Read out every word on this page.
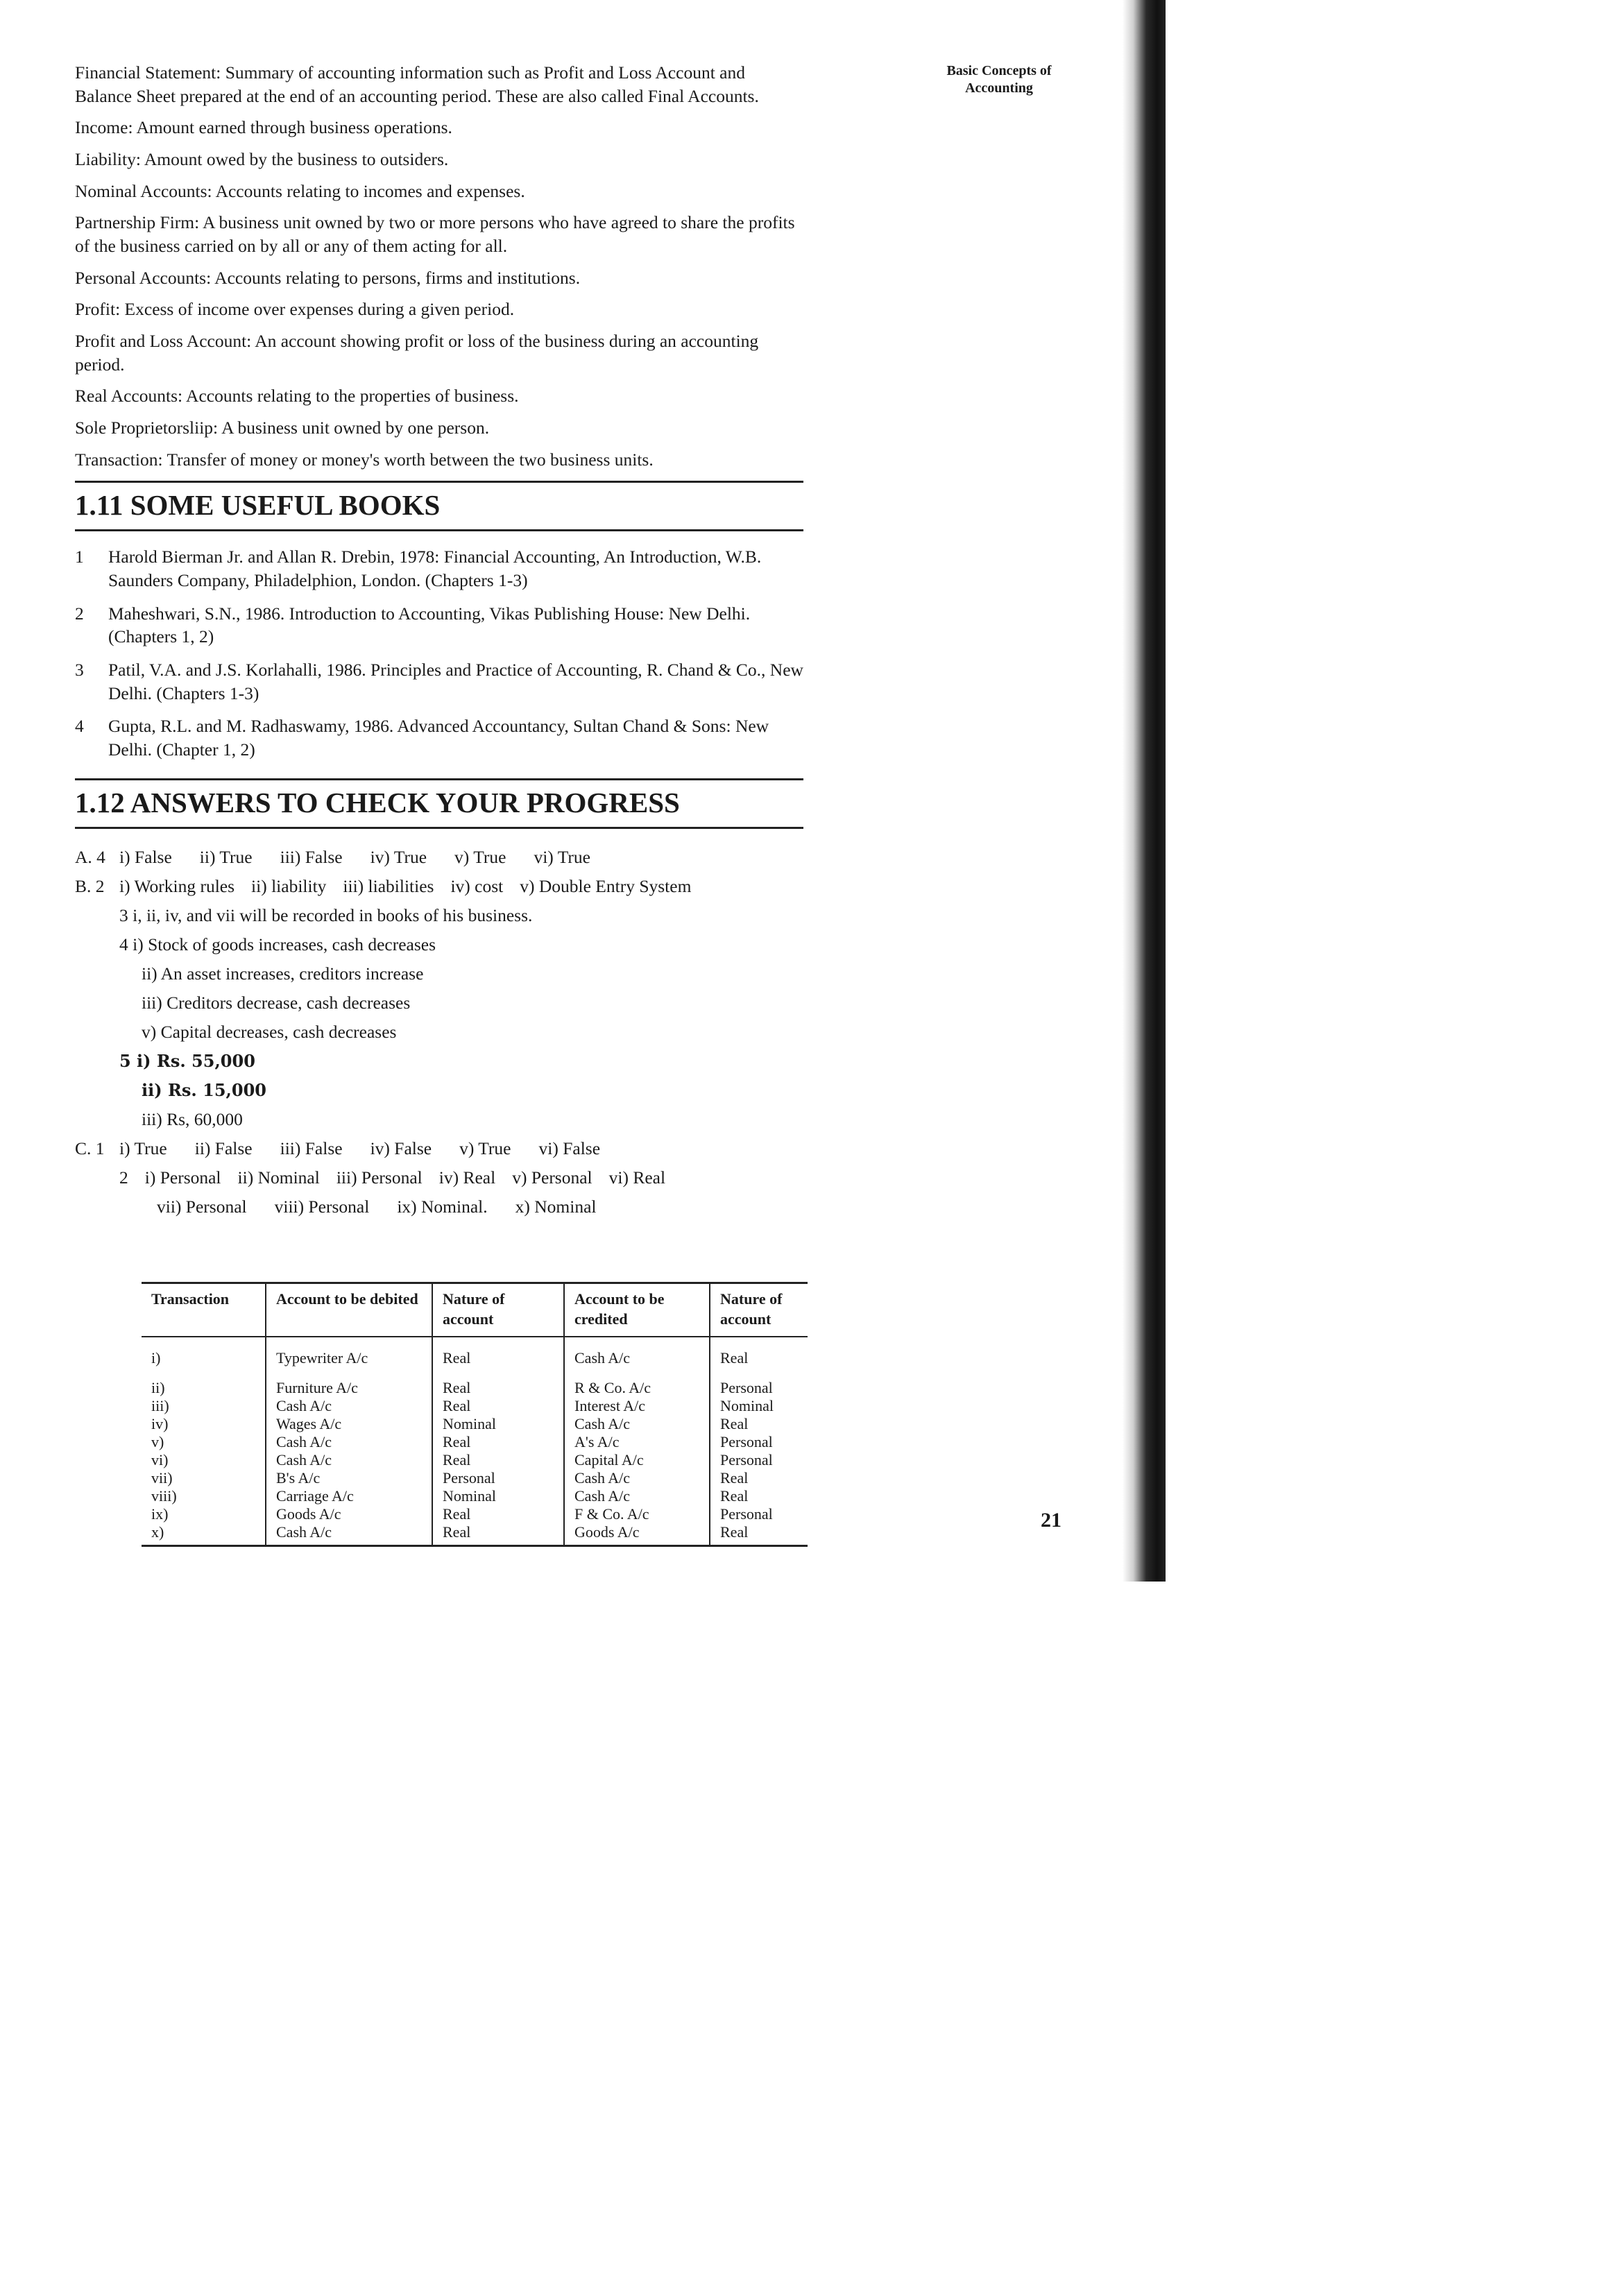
Basic Concepts of
Accounting

Financial Statement: Summary of accounting information such as Profit and Loss Account and Balance Sheet prepared at the end of an accounting period. These are also called Final Accounts.

Income: Amount earned through business operations.

Liability: Amount owed by the business to outsiders.

Nominal Accounts: Accounts relating to incomes and expenses.

Partnership Firm: A business unit owned by two or more persons who have agreed to share the profits of the business carried on by all or any of them acting for all.

Personal Accounts: Accounts relating to persons, firms and institutions.

Profit: Excess of income over expenses during a given period.

Profit and Loss Account: An account showing profit or loss of the business during an accounting period.

Real Accounts: Accounts relating to the properties of business.

Sole Proprietorsliip: A business unit owned by one person.

Transaction: Transfer of money or money's worth between the two business units.

1.11 SOME USEFUL BOOKS
1	Harold Bierman Jr. and Allan R. Drebin, 1978: Financial Accounting, An Introduction, W.B. Saunders Company, Philadelphion, London. (Chapters 1-3)
2	Maheshwari, S.N., 1986. Introduction to Accounting, Vikas Publishing House: New Delhi. (Chapters 1, 2)
3	Patil, V.A. and J.S. Korlahalli, 1986. Principles and Practice of Accounting, R. Chand & Co., New Delhi. (Chapters 1-3)
4	Gupta, R.L. and M. Radhaswamy, 1986. Advanced Accountancy, Sultan Chand & Sons: New Delhi. (Chapter 1, 2)
1.12 ANSWERS TO CHECK YOUR PROGRESS
A. 4 i) False ii) True iii) False iv) True v) True vi) True
B. 2 i) Working rules ii) liability iii) liabilities iv) cost v) Double Entry System
3 i, ii, iv, and vii will be recorded in books of his business.
4 i) Stock of goods increases, cash decreases
ii) An asset increases, creditors increase
iii) Creditors decrease, cash decreases
v) Capital decreases, cash decreases
5 i) Rs. 55,000
ii) Rs. 15,000
iii) Rs, 60,000
C. 1 i) True ii) False iii) False iv) False v) True vi) False
2 i) Personal ii) Nominal iii) Personal iv) Real v) Personal vi) Real
vii) Personal viii) Personal ix) Nominal. x) Nominal
Transaction	Account to be debited	Nature of account	Account to be credited	Nature of account
i)	Typewriter A/c	Real	Cash A/c	Real
ii)	Furniture A/c	Real	R & Co. A/c	Personal
iii)	Cash A/c	Real	Interest A/c	Nominal
iv)	Wages A/c	Nominal	Cash A/c	Real
v)	Cash A/c	Real	A's A/c	Personal
vi)	Cash A/c	Real	Capital A/c	Personal
vii)	B's A/c	Personal	Cash A/c	Real
viii)	Carriage A/c	Nominal	Cash A/c	Real
ix)	Goods A/c	Real	F & Co. A/c	Personal
x)	Cash A/c	Real	Goods A/c	Real
21
